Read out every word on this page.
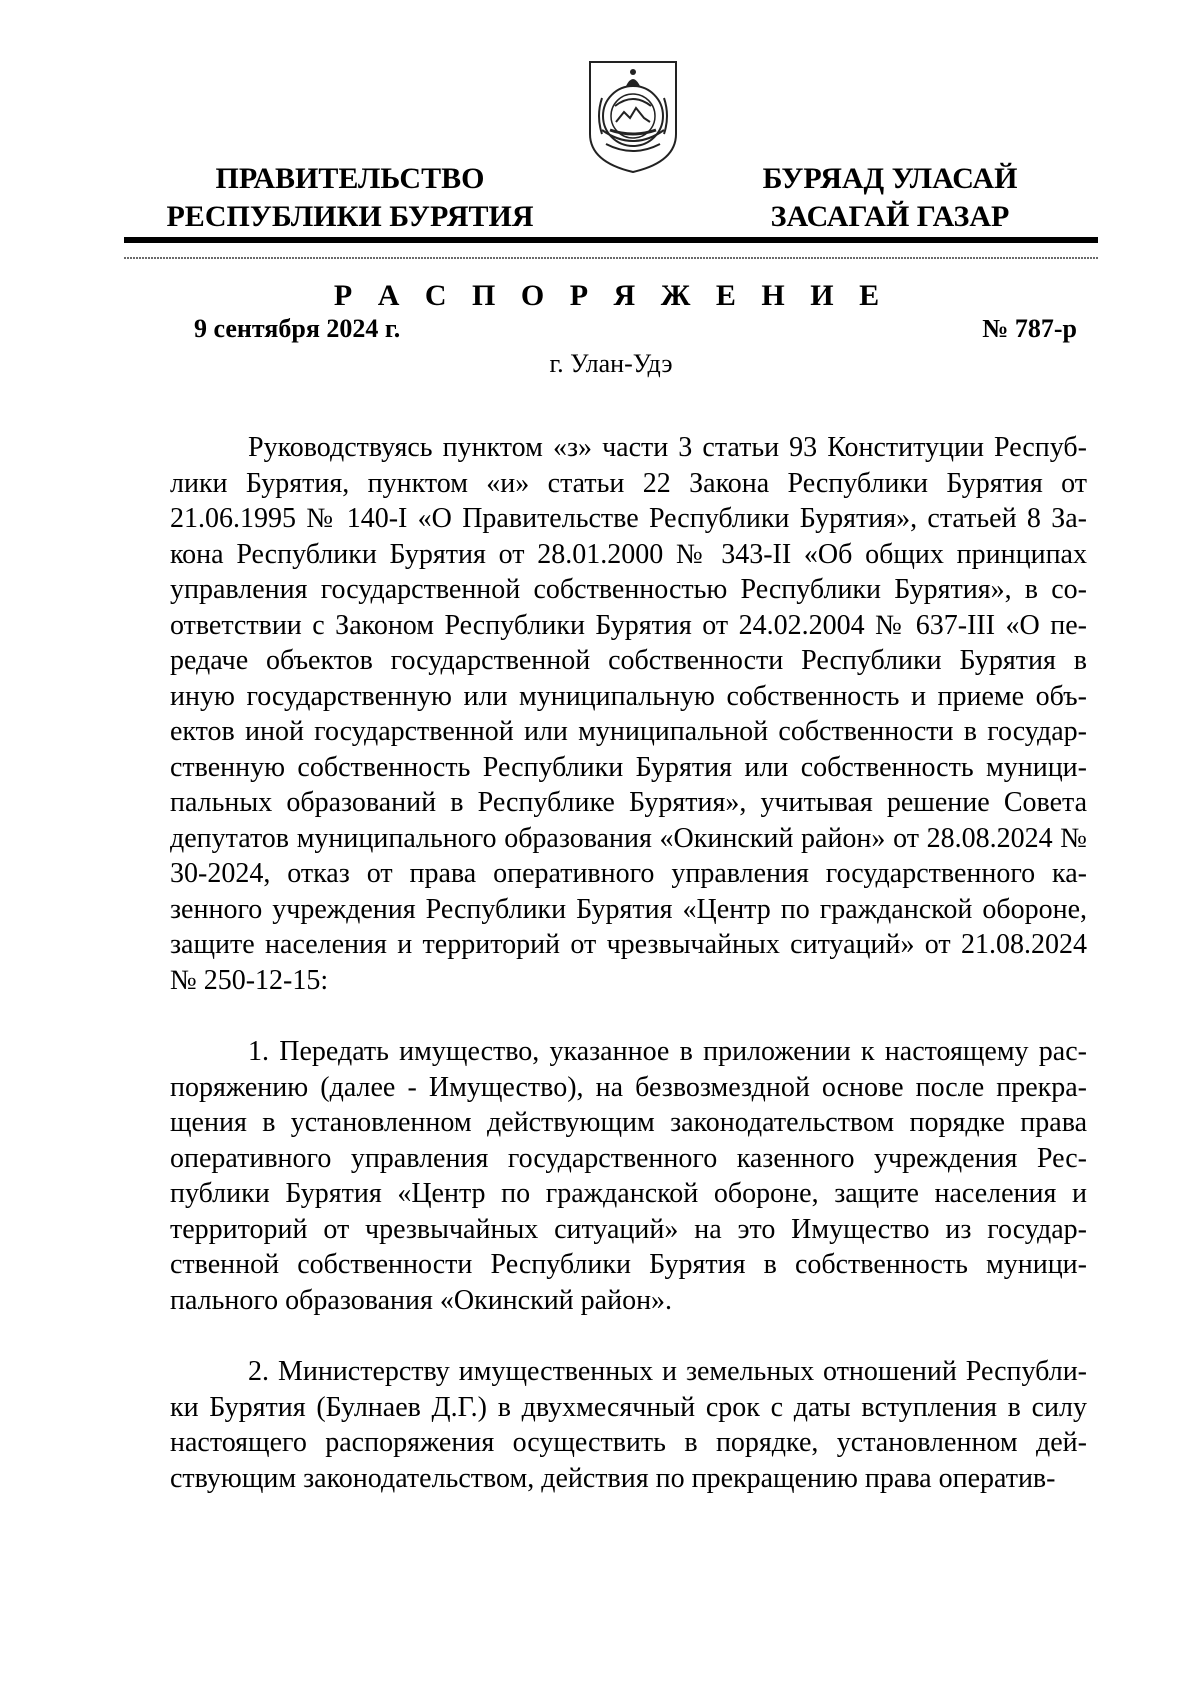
ПРАВИТЕЛЬСТВО
РЕСПУБЛИКИ БУРЯТИЯ
БУРЯАД УЛАСАЙ
ЗАСАГАЙ ГАЗАР
Р А С П О Р Я Ж Е Н И Е
9 сентября 2024 г.	№ 787-р
г. Улан-Удэ

Руководствуясь пунктом «з» части 3 статьи 93 Конституции Республики Бурятия, пунктом «и» статьи 22 Закона Республики Бурятия от 21.06.1995 № 140-I «О Правительстве Республики Бурятия», статьей 8 Закона Республики Бурятия от 28.01.2000 № 343-II «Об общих принципах управления государственной собственностью Республики Бурятия», в соответствии с Законом Республики Бурятия от 24.02.2004 № 637-III «О передаче объектов государственной собственности Республики Бурятия в иную государственную или муниципальную собственность и приеме объектов иной государственной или муниципальной собственности в государственную собственность Республики Бурятия или собственность муниципальных образований в Республике Бурятия», учитывая решение Совета депутатов муниципального образования «Окинский район» от 28.08.2024 № 30-2024, отказ от права оперативного управления государственного казенного учреждения Республики Бурятия «Центр по гражданской обороне, защите населения и территорий от чрезвычайных ситуаций» от 21.08.2024 № 250-12-15:

1. Передать имущество, указанное в приложении к настоящему распоряжению (далее - Имущество), на безвозмездной основе после прекращения в установленном действующим законодательством порядке права оперативного управления государственного казенного учреждения Республики Бурятия «Центр по гражданской обороне, защите населения и территорий от чрезвычайных ситуаций» на это Имущество из государственной собственности Республики Бурятия в собственность муниципального образования «Окинский район».

2. Министерству имущественных и земельных отношений Республики Бурятия (Булнаев Д.Г.) в двухмесячный срок с даты вступления в силу настоящего распоряжения осуществить в порядке, установленном действующим законодательством, действия по прекращению права оператив-
